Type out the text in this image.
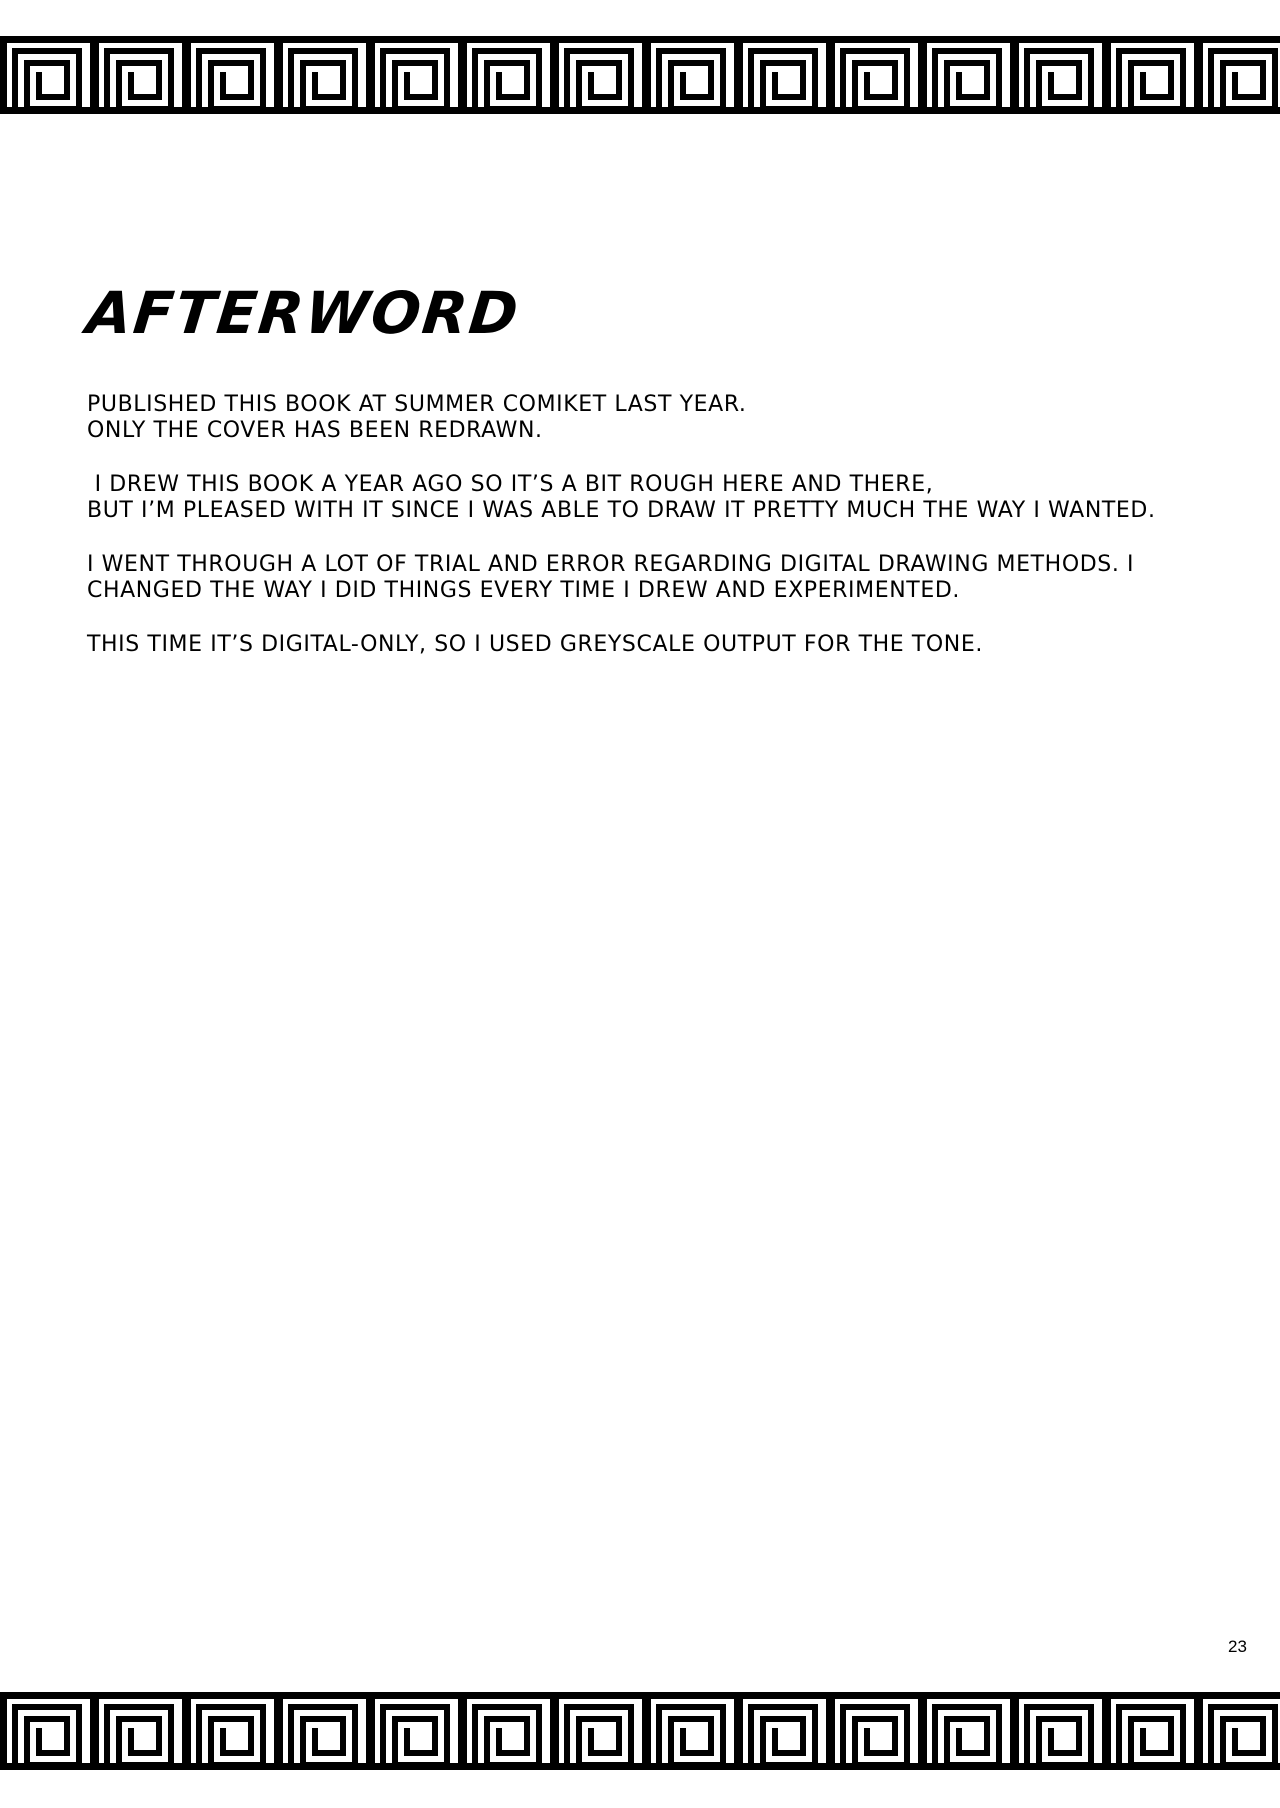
AFTERWORD
PUBLISHED THIS BOOK AT SUMMER COMIKET LAST YEAR.
ONLY THE COVER HAS BEEN REDRAWN.
I DREW THIS BOOK A YEAR AGO SO IT’S A BIT ROUGH HERE AND THERE,
BUT I’M PLEASED WITH IT SINCE I WAS ABLE TO DRAW IT PRETTY MUCH THE WAY I WANTED.
I WENT THROUGH A LOT OF TRIAL AND ERROR REGARDING DIGITAL DRAWING METHODS. I
CHANGED THE WAY I DID THINGS EVERY TIME I DREW AND EXPERIMENTED.
THIS TIME IT’S DIGITAL-ONLY, SO I USED GREYSCALE OUTPUT FOR THE TONE.
23
